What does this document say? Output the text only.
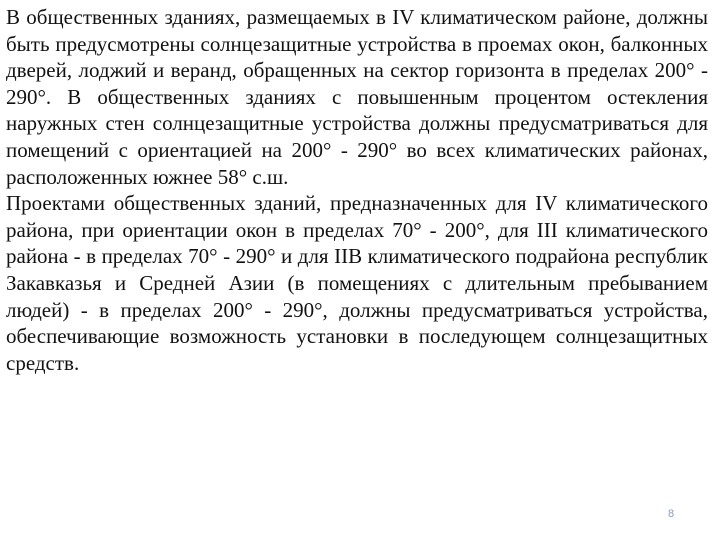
В общественных зданиях, размещаемых в IV климатическом районе, должны быть предусмотрены солнцезащитные устройства в проемах окон, балконных дверей, лоджий и веранд, обращенных на сектор горизонта в пределах 200° - 290°. В общественных зданиях с повышенным процентом остекления наружных стен солнцезащитные устройства должны предусматриваться для помещений с ориентацией на 200° - 290° во всех климатических районах, расположенных южнее 58° с.ш.

Проектами общественных зданий, предназначенных для IV климатического района, при ориентации окон в пределах 70° - 200°, для III климатического района - в пределах 70° - 290° и для IIВ климатического подрайона республик Закавказья и Средней Азии (в помещениях с длительным пребыванием людей) - в пределах 200° - 290°, должны предусматриваться устройства, обеспечивающие возможность установки в последующем солнцезащитных средств.

8
